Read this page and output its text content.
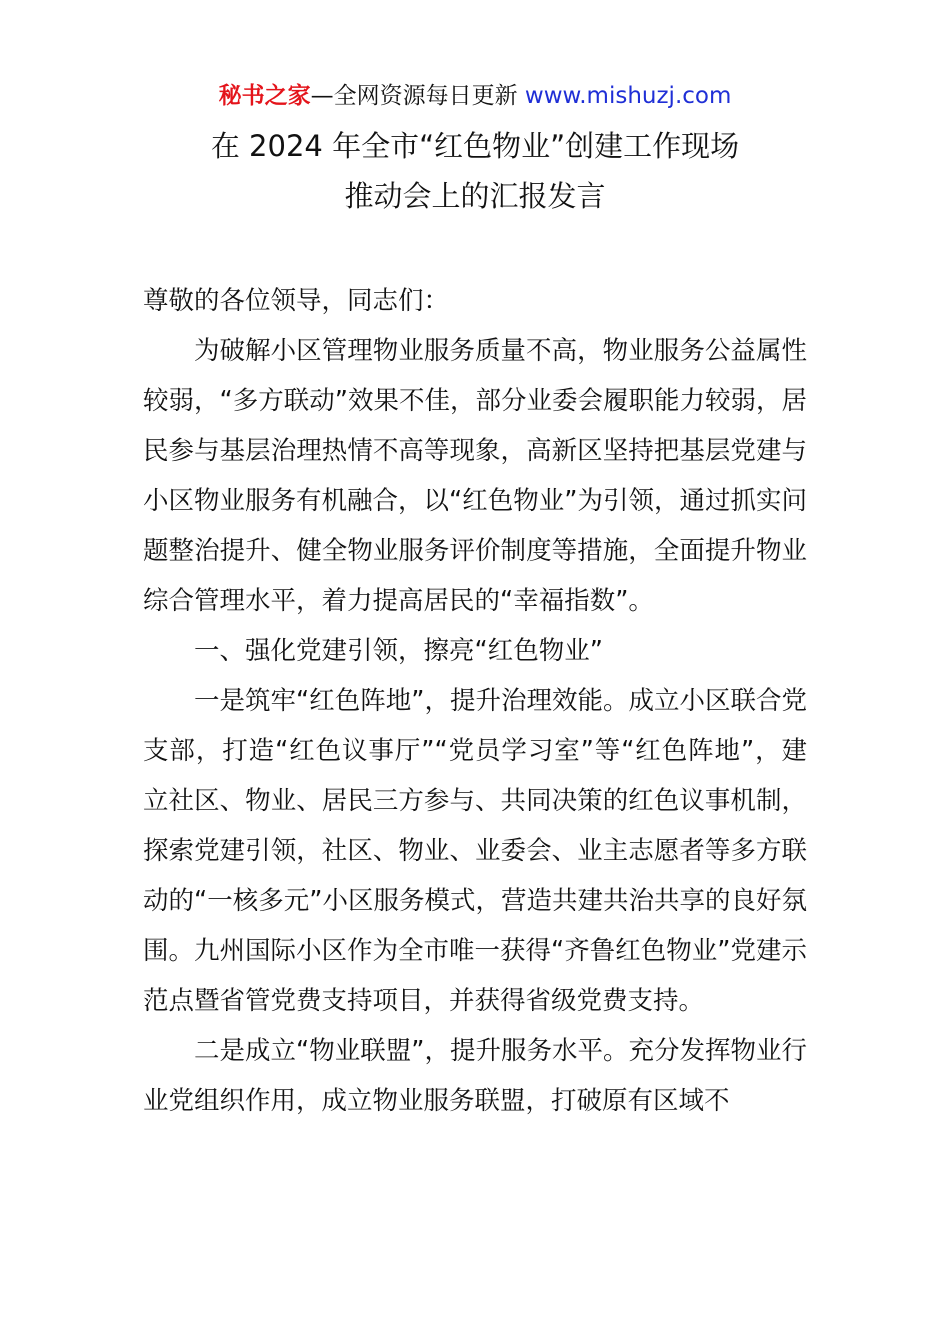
秘书之家—全网资源每日更新 www.mishuzj.com
在 2024 年全市“红色物业”创建工作现场
推动会上的汇报发言

尊敬的各位领导，同志们：

为破解小区管理物业服务质量不高，物业服务公益属性较弱，“多方联动”效果不佳，部分业委会履职能力较弱，居民参与基层治理热情不高等现象，高新区坚持把基层党建与小区物业服务有机融合，以“红色物业”为引领，通过抓实问题整治提升、健全物业服务评价制度等措施，全面提升物业综合管理水平，着力提高居民的“幸福指数”。

一、强化党建引领，擦亮“红色物业”

一是筑牢“红色阵地”，提升治理效能。成立小区联合党支部，打造“红色议事厅”“党员学习室”等“红色阵地”，建立社区、物业、居民三方参与、共同决策的红色议事机制，探索党建引领，社区、物业、业委会、业主志愿者等多方联动的“一核多元”小区服务模式，营造共建共治共享的良好氛围。九州国际小区作为全市唯一获得“齐鲁红色物业”党建示范点暨省管党费支持项目，并获得省级党费支持。

二是成立“物业联盟”，提升服务水平。充分发挥物业行业党组织作用，成立物业服务联盟，打破原有区域不
